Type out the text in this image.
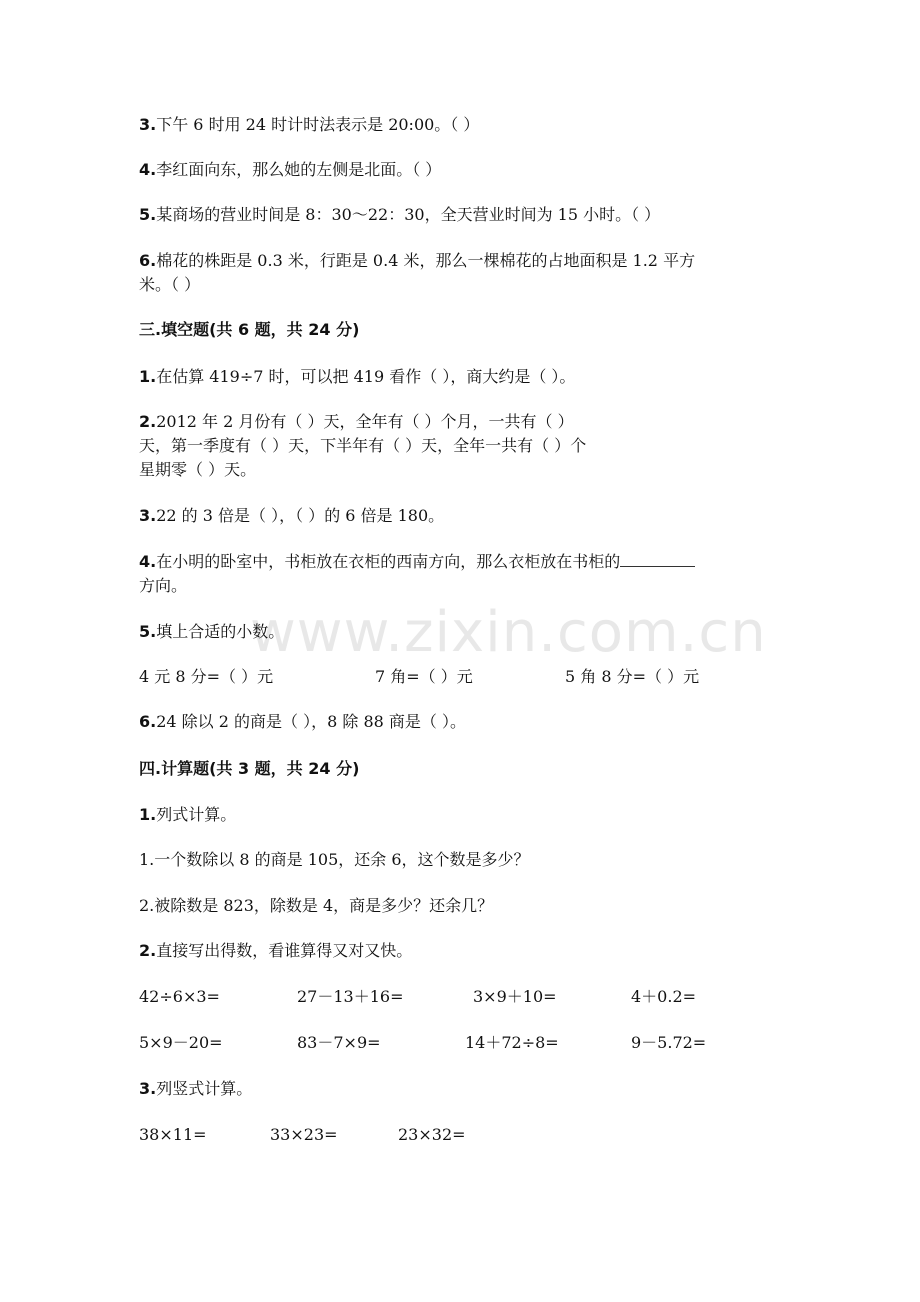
www.zixin.com.cn
3.下午 6 时用 24 时计时法表示是 20:00。（ ）
4.李红面向东，那么她的左侧是北面。（ ）
5.某商场的营业时间是 8：30～22：30，全天营业时间为 15 小时。（ ）
6.棉花的株距是 0.3 米，行距是 0.4 米，那么一棵棉花的占地面积是 1.2 平方
米。（ ）
三.填空题(共 6 题，共 24 分)
1.在估算 419÷7 时，可以把 419 看作（ ），商大约是（ ）。
2.2012 年 2 月份有（ ）天，全年有（ ）个月，一共有（ ）
天，第一季度有（ ）天，下半年有（ ）天，全年一共有（ ）个
星期零（ ）天。
3.22 的 3 倍是（ ），（ ）的 6 倍是 180。
4.在小明的卧室中，书柜放在衣柜的西南方向，那么衣柜放在书柜的
方向。
5.填上合适的小数。
4 元 8 分=（ ）元	7 角=（ ）元	5 角 8 分=（ ）元
6.24 除以 2 的商是（ ），8 除 88 商是（ ）。
四.计算题(共 3 题，共 24 分)
1.列式计算。
1.一个数除以 8 的商是 105，还余 6，这个数是多少？
2.被除数是 823，除数是 4，商是多少？还余几？
2.直接写出得数，看谁算得又对又快。
42÷6×3=	27－13＋16=	3×9＋10=	4＋0.2=
5×9－20=	83－7×9=	14＋72÷8=	9－5.72=
3.列竖式计算。
38×11=	33×23=	23×32=
